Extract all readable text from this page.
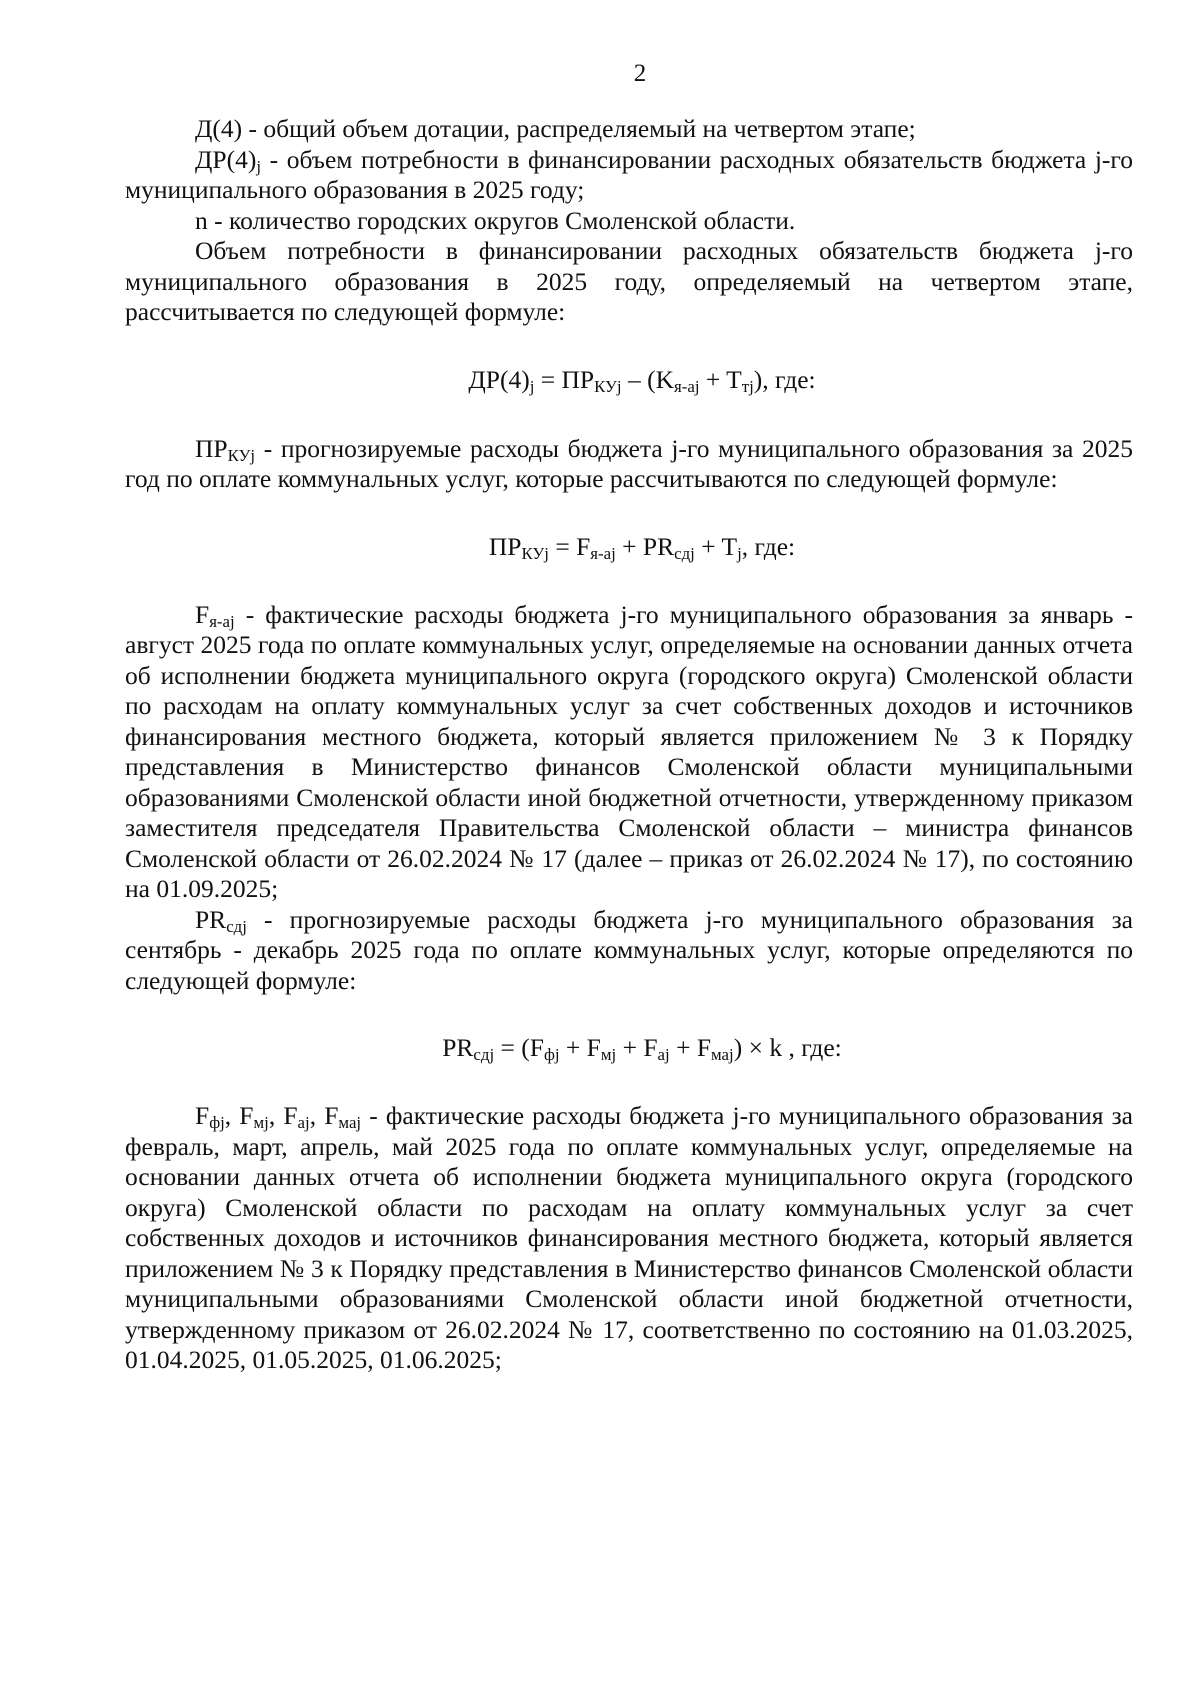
2

Д(4) - общий объем дотации, распределяемый на четвертом этапе;

$ДР(4)_j$ - объем потребности в финансировании расходных обязательств бюджета j-го муниципального образования в 2025 году;

n - количество городских округов Смоленской области.

Объем потребности в финансировании расходных обязательств бюджета j-го муниципального образования в 2025 году, определяемый на четвертом этапе, рассчитывается по следующей формуле:

$ДР(4)_j = ПР_{КУj} - (K_{я-aj} + T_{тj})$, где:

$ПР_{КУj}$ - прогнозируемые расходы бюджета j-го муниципального образования за 2025 год по оплате коммунальных услуг, которые рассчитываются по следующей формуле:

$ПР_{КУj} = F_{я-aj} + PR_{сдj} + T_j$, где:

$F_{я-aj}$ - фактические расходы бюджета j-го муниципального образования за январь - август 2025 года по оплате коммунальных услуг, определяемые на основании данных отчета об исполнении бюджета муниципального округа (городского округа) Смоленской области по расходам на оплату коммунальных услуг за счет собственных доходов и источников финансирования местного бюджета, который является приложением № 3 к Порядку представления в Министерство финансов Смоленской области муниципальными образованиями Смоленской области иной бюджетной отчетности, утвержденному приказом заместителя председателя Правительства Смоленской области – министра финансов Смоленской области от 26.02.2024 № 17 (далее – приказ от 26.02.2024 № 17), по состоянию на 01.09.2025;

$PR_{сдj}$ - прогнозируемые расходы бюджета j-го муниципального образования за сентябрь - декабрь 2025 года по оплате коммунальных услуг, которые определяются по следующей формуле:

$PR_{сдj} = (F_{фj} + F_{мj} + F_{aj} + F_{маj}) \times k$ , где:

$F_{фj}$, $F_{мj}$, $F_{aj}$, $F_{маj}$ - фактические расходы бюджета j-го муниципального образования за февраль, март, апрель, май 2025 года по оплате коммунальных услуг, определяемые на основании данных отчета об исполнении бюджета муниципального округа (городского округа) Смоленской области по расходам на оплату коммунальных услуг за счет собственных доходов и источников финансирования местного бюджета, который является приложением № 3 к Порядку представления в Министерство финансов Смоленской области муниципальными образованиями Смоленской области иной бюджетной отчетности, утвержденному приказом от 26.02.2024 № 17, соответственно по состоянию на 01.03.2025, 01.04.2025, 01.05.2025, 01.06.2025;
